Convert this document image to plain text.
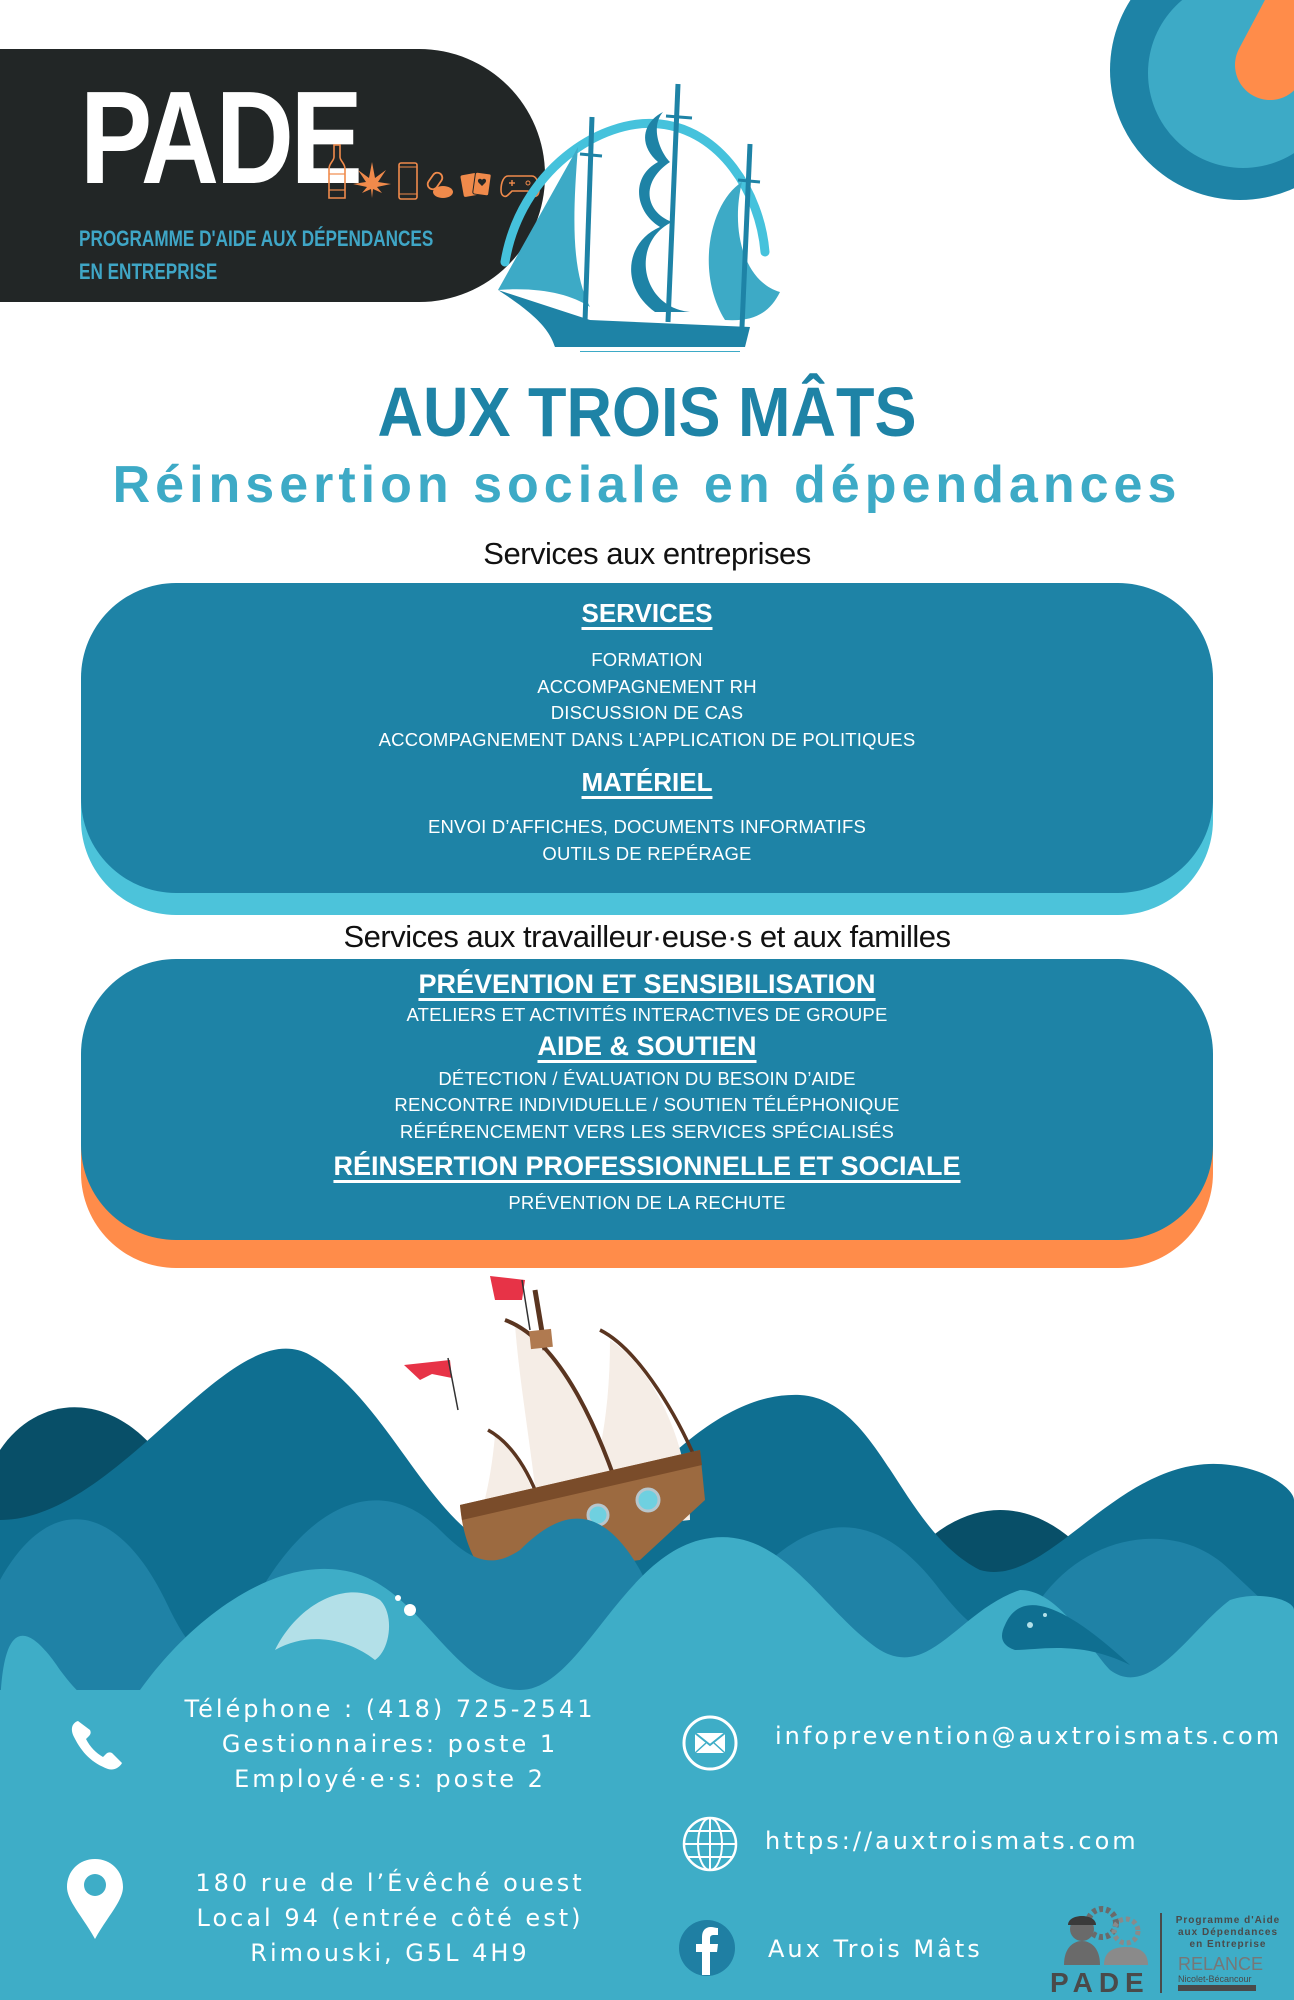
PADE
PROGRAMME D'AIDE AUX DÉPENDANCES
EN ENTREPRISE
AUX TROIS MÂTS
Réinsertion sociale en dépendances
Services aux entreprises
SERVICES

FORMATION

ACCOMPAGNEMENT RH

DISCUSSION DE CAS

ACCOMPAGNEMENT DANS L’APPLICATION DE POLITIQUES

MATÉRIEL

ENVOI D’AFFICHES, DOCUMENTS INFORMATIFS

OUTILS DE REPÉRAGE

Services aux travailleur·euse·s et aux familles
PRÉVENTION ET SENSIBILISATION

ATELIERS ET ACTIVITÉS INTERACTIVES DE GROUPE

AIDE & SOUTIEN

DÉTECTION / ÉVALUATION DU BESOIN D’AIDE

RENCONTRE INDIVIDUELLE / SOUTIEN TÉLÉPHONIQUE

RÉFÉRENCEMENT VERS LES SERVICES SPÉCIALISÉS

RÉINSERTION PROFESSIONNELLE ET SOCIALE

PRÉVENTION DE LA RECHUTE

Téléphone : (418) 725-2541
Gestionnaires: poste 1
Employé·e·s: poste 2
180 rue de l’Évêché ouest
Local 94 (entrée côté est)
Rimouski, G5L 4H9
infoprevention@auxtroismats.com
https://auxtroismats.com
Aux Trois Mâts
PADE
Programme d'Aide
aux Dépendances
en Entreprise
RELANCE
Nicolet-Bécancour
